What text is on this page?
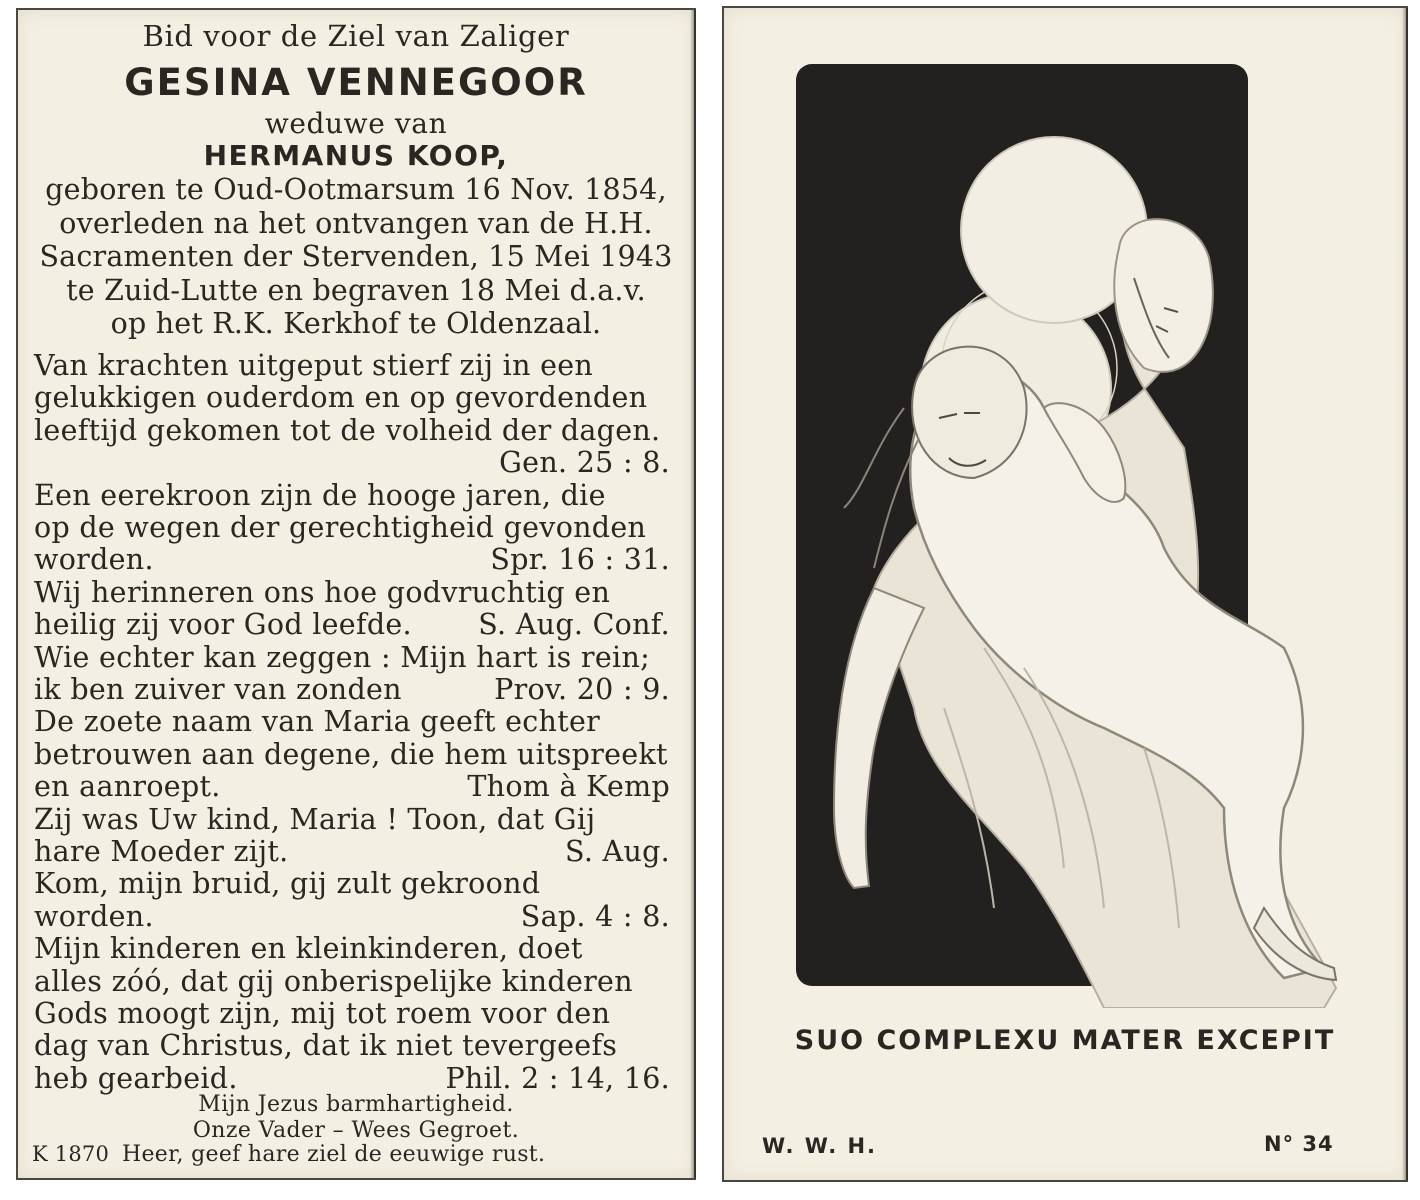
Bid voor de Ziel van Zaliger
GESINA VENNEGOOR
weduwe van
HERMANUS KOOP,
geboren te Oud-Ootmarsum 16 Nov. 1854,
overleden na het ontvangen van de H.H.
Sacramenten der Stervenden, 15 Mei 1943
te Zuid-Lutte en begraven 18 Mei d.a.v.
op het R.K. Kerkhof te Oldenzaal.
Van krachten uitgeput stierf zij in een
gelukkigen ouderdom en op gevordenden
leeftijd gekomen tot de volheid der dagen.
Gen. 25 : 8.
Een eerekroon zijn de hooge jaren, die
op de wegen der gerechtigheid gevonden
worden.	Spr. 16 : 31.
Wij herinneren ons hoe godvruchtig en
heilig zij voor God leefde. S. Aug. Conf.
Wie echter kan zeggen : Mijn hart is rein;
ik ben zuiver van zonden	Prov. 20 : 9.
De zoete naam van Maria geeft echter
betrouwen aan degene, die hem uitspreekt
en aanroept.	Thom à Kemp
Zij was Uw kind, Maria ! Toon, dat Gij
hare Moeder zijt.	S. Aug.
Kom, mijn bruid, gij zult gekroond
worden.	Sap. 4 : 8.
Mijn kinderen en kleinkinderen, doet
alles zóó, dat gij onberispelijke kinderen
Gods moogt zijn, mij tot roem voor den
dag van Christus, dat ik niet tevergeefs
heb gearbeid.	Phil. 2 : 14, 16.
Mijn Jezus barmhartigheid.
Onze Vader – Wees Gegroet.
K 1870 Heer, geef hare ziel de eeuwige rust.
SUO COMPLEXU MATER EXCEPIT
W. W. H.	N° 34
